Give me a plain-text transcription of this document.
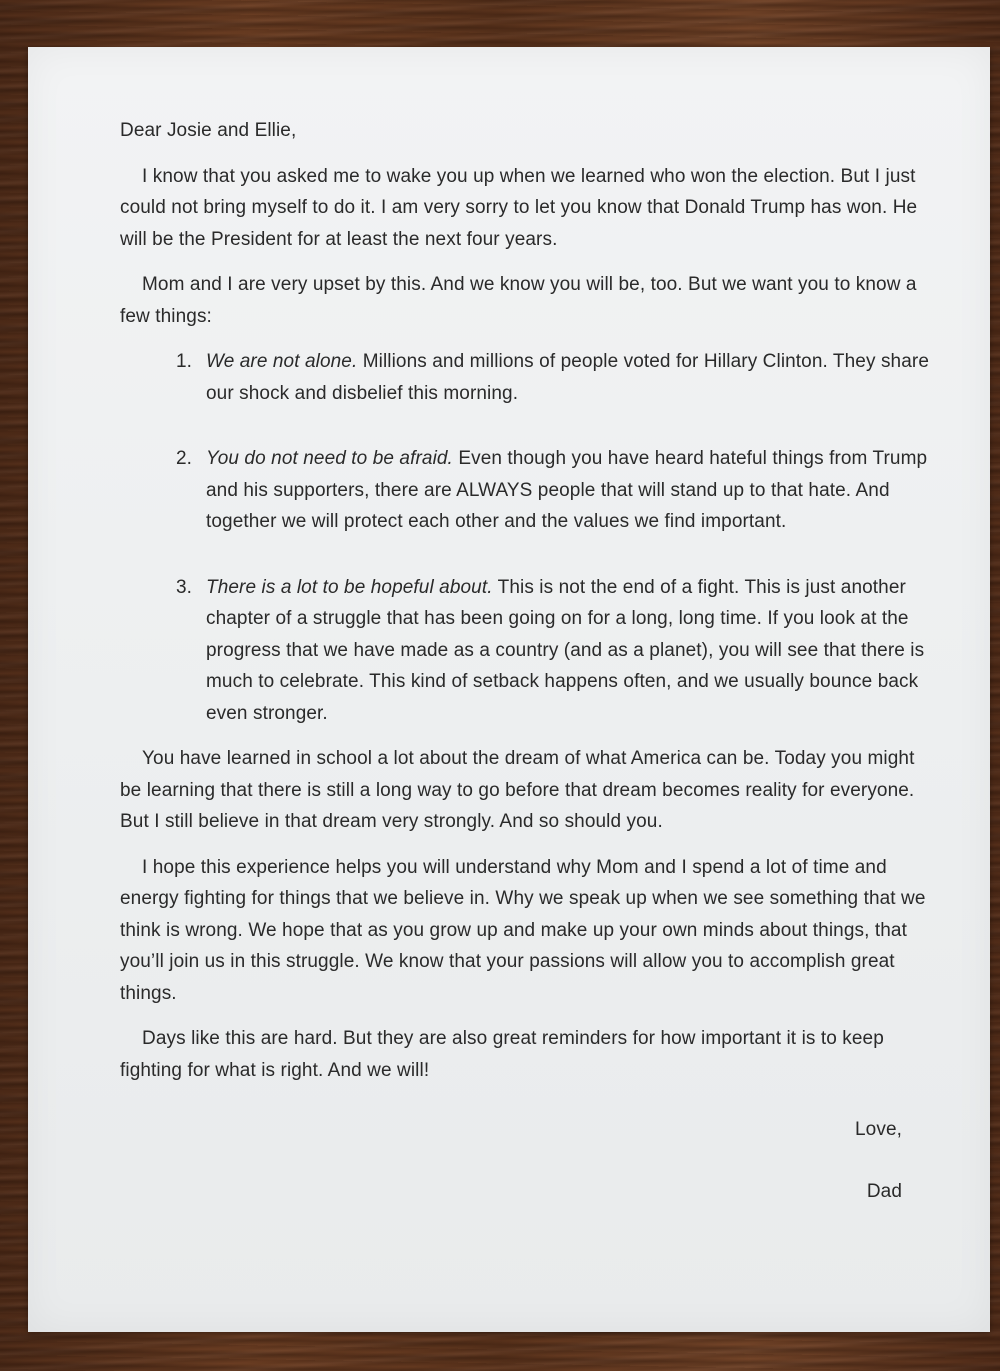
Dear Josie and Ellie,

I know that you asked me to wake you up when we learned who won the election. But I just could not bring myself to do it. I am very sorry to let you know that Donald Trump has won. He will be the President for at least the next four years.

Mom and I are very upset by this. And we know you will be, too. But we want you to know a few things:

1. We are not alone. Millions and millions of people voted for Hillary Clinton. They share our shock and disbelief this morning.
2. You do not need to be afraid. Even though you have heard hateful things from Trump and his supporters, there are ALWAYS people that will stand up to that hate. And together we will protect each other and the values we find important.
3. There is a lot to be hopeful about. This is not the end of a fight. This is just another chapter of a struggle that has been going on for a long, long time. If you look at the progress that we have made as a country (and as a planet), you will see that there is much to celebrate. This kind of setback happens often, and we usually bounce back even stronger.

You have learned in school a lot about the dream of what America can be. Today you might be learning that there is still a long way to go before that dream becomes reality for everyone. But I still believe in that dream very strongly. And so should you.

I hope this experience helps you will understand why Mom and I spend a lot of time and energy fighting for things that we believe in. Why we speak up when we see something that we think is wrong. We hope that as you grow up and make up your own minds about things, that you’ll join us in this struggle. We know that your passions will allow you to accomplish great things.

Days like this are hard. But they are also great reminders for how important it is to keep fighting for what is right. And we will!

Love,
Dad
